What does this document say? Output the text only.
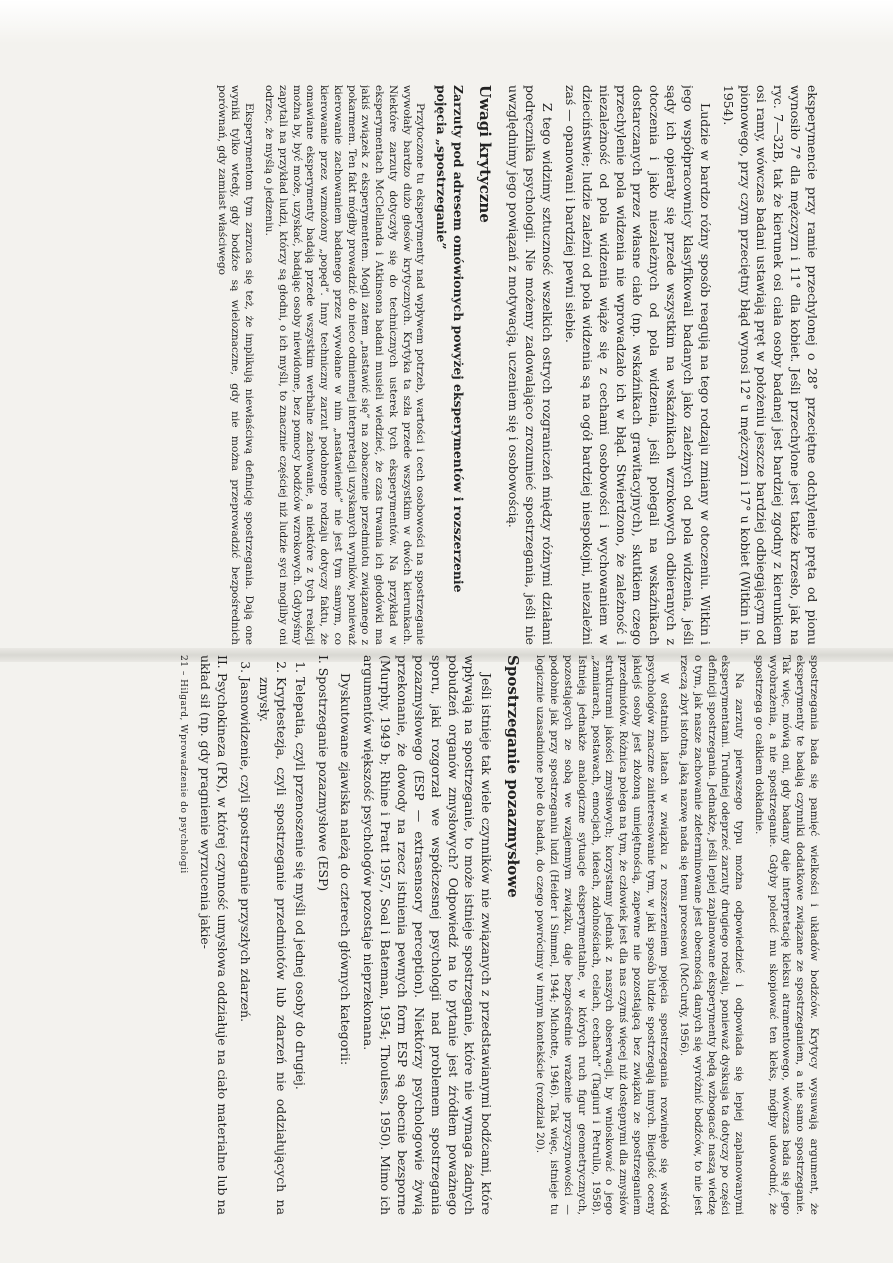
eksperymencie przy ramie przechylonej o 28° przeciętne odchylenie pręta od pionu wynosiło 7° dla mężczyzn i 11° dla kobiet. Jeśli przechylone jest także krzesło, jak na ryc. 7—32B, tak że kierunek osi ciała osoby badanej jest bardziej zgodny z kierunkiem osi ramy, wówczas badani ustawiają pręt w położeniu jeszcze bardziej odbiegającym od pionowego, przy czym przeciętny błąd wynosi 12° u mężczyzn i 17° u kobiet (Witkin i in. 1954).

Ludzie w bardzo różny sposób reagują na tego rodzaju zmiany w otoczeniu. Witkin i jego współpracownicy klasyfikowali badanych jako zależnych od pola widzenia, jeśli sądy ich opierały się przede wszystkim na wskaźnikach wzrokowych odbieranych z otoczenia i jako niezależnych od pola widzenia, jeśli polegali na wskaźnikach dostarczanych przez własne ciało (np. wskaźnikach grawitacyjnych), skutkiem czego przechylenie pola widzenia nie wprowadzało ich w błąd. Stwierdzono, że zależność i niezależność od pola widzenia wiąże się z cechami osobowości i wychowaniem w dzieciństwie; ludzie zależni od pola widzenia są na ogół bardziej niespokojni, niezależni zaś — opanowani i bardziej pewni siebie.

Z tego widzimy sztuczność wszelkich ostrych rozgraniczeń między różnymi działami podręcznika psychologii. Nie możemy zadowalająco zrozumieć spostrzegania, jeśli nie uwzględnimy jego powiązań z motywacją, uczeniem się i osobowością.

Uwagi krytyczne
Zarzuty pod adresem omówionych powyżej eksperymentów i rozszerzenie pojęcia „spostrzeganie”

Przytoczone tu eksperymenty nad wpływem potrzeb, wartości i cech osobowości na spostrzeganie wywołały bardzo dużo głosów krytycznych. Krytyka ta szła przede wszystkim w dwóch kierunkach. Niektóre zarzuty dotyczyły się do technicznych usterek tych eksperymentów. Na przykład w eksperymentach McClellanda i Atkinsona badani musieli wiedzieć, że czas trwania ich głodówki ma jakiś związek z eksperymentem. Mogli zatem „nastawić się” na zobaczenie przedmiotu związanego z pokarmem. Ten fakt mógłby prowadzić do nieco odmiennej interpretacji uzyskanych wyników, ponieważ kierowanie zachowaniem badanego przez wywołane w nim „nastawienie” nie jest tym samym, co kierowanie przez wzmożony „popęd”. Inny techniczny zarzut podobnego rodzaju dotyczy faktu, że omawiane eksperymenty badają przede wszystkim werbalne zachowanie, a niektóre z tych reakcji można by, być może, uzyskać, badając osoby niewidome, bez pomocy bodźców wzrokowych. Gdybyśmy zapytali na przykład ludzi, którzy są głodni, o ich myśli, to znacznie częściej niż ludzie syci mogliby oni odrzec, że myślą o jedzeniu.

Eksperymentom tym zarzuca się też, że implikują niewłaściwą definicję spostrzegania. Dają one wyniki tylko wtedy, gdy bodźce są wieloznaczne, gdy nie można przeprowadzić bezpośrednich porównań, gdy zamiast właściwego

spostrzegania bada się pamięć wielkości i układów bodźców. Krytycy wysuwają argument, że eksperymenty te badają czynniki dodatkowe związane ze spostrzeganiem, a nie samo spostrzeganie. Tak więc, mówią oni, gdy badany daje interpretację kleksu atramentowego, wówczas bada się jego wyobrażenia, a nie spostrzeganie. Gdyby polecić mu skopiować ten kleks, mógłby udowodnić, że spostrzega go całkiem dokładnie.

Na zarzuty pierwszego typu można odpowiedzieć i odpowiada się lepiej zaplanowanymi eksperymentami. Trudniej odeprzeć zarzuty drugiego rodzaju, ponieważ dyskusja ta dotyczy po części definicji spostrzegania. Jednakże, jeśli lepiej zaplanowane eksperymenty będą wzbogacać naszą wiedzę o tym, jak nasze zachowanie zdeterminowane jest obecnością danych się wyróżnić bodźców, to nie jest rzeczą zbyt istotną, jaką nazwę nada się temu procesowi (McCurdy, 1956).

W ostatnich latach w związku z rozszerzeniem pojęcia spostrzegania rozwinęło się wśród psychologów znaczne zainteresowanie tym, w jaki sposób ludzie spostrzegają innych. Bieglość oceny jakiejś osoby jest złożoną umiejętnością, zapewne nie pozostającą bez związku ze spostrzeganiem przedmiotów. Różnica polega na tym, że człowiek jest dla nas czymś więcej niż dostępnymi dla zmysłów strukturami jakości zmysłowych; korzystamy jednak z naszych obserwacji, by wnioskować o jego „zamiarach, postawach, emocjach, ideach, zdolnościach, celach, cechach” (Tagiuri i Petrullo, 1958). Istnieją jednakże analogiczne sytuacje eksperymentalne, w których ruch figur geometrycznych, pozostających ze sobą we wzajemnym związku, daje bezpośrednie wrażenie przyczynowości — podobnie jak przy spostrzeganiu ludzi (Heider i Simmel, 1944; Michotte, 1946). Tak więc, istnieje tu logicznie uzasadnione pole do badań, do czego powrócimy w innym kontekście (rozdział 20).

Spostrzeganie pozazmysłowe

Jeśli istnieje tak wiele czynników nie związanych z przedstawianymi bodźcami, które wpływają na spostrzeganie, to może istnieje spostrzeganie, które nie wymaga żadnych pobudzeń organów zmysłowych? Odpowiedź na to pytanie jest źródłem poważnego sporu, jaki rozgorzał we współczesnej psychologii nad problemem spostrzegania pozazmysłowego (ESP — extrasensory perception). Niektórzy psychologowie żywią przekonanie, że dowody na rzecz istnienia pewnych form ESP są obecnie bezsporne (Murphy, 1949 b; Rhine i Pratt 1957, Soal i Bateman, 1954; Thouless, 1950). Mimo ich argumentów większość psychologów pozostaje nieprzekonana.

Dyskutowane zjawiska należą do czterech głównych kategorii:

I. Spostrzeganie pozazmysłowe (ESP)

1. Telepatia, czyli przenoszenie się myśli od jednej osoby do drugiej.
2. Kryptestezja, czyli spostrzeganie przedmiotów lub zdarzeń nie oddziałujących na zmysły.
3. Jasnowidzenie, czyli spostrzeganie przyszłych zdarzeń.

II. Psychokineza (PK), w której czynność umysłowa oddziałuje na ciało materialne lub na układ sił (np. gdy pragnienie wyrzucenia jakie-

21 – Hilgard, Wprowadzenie do psychologii
